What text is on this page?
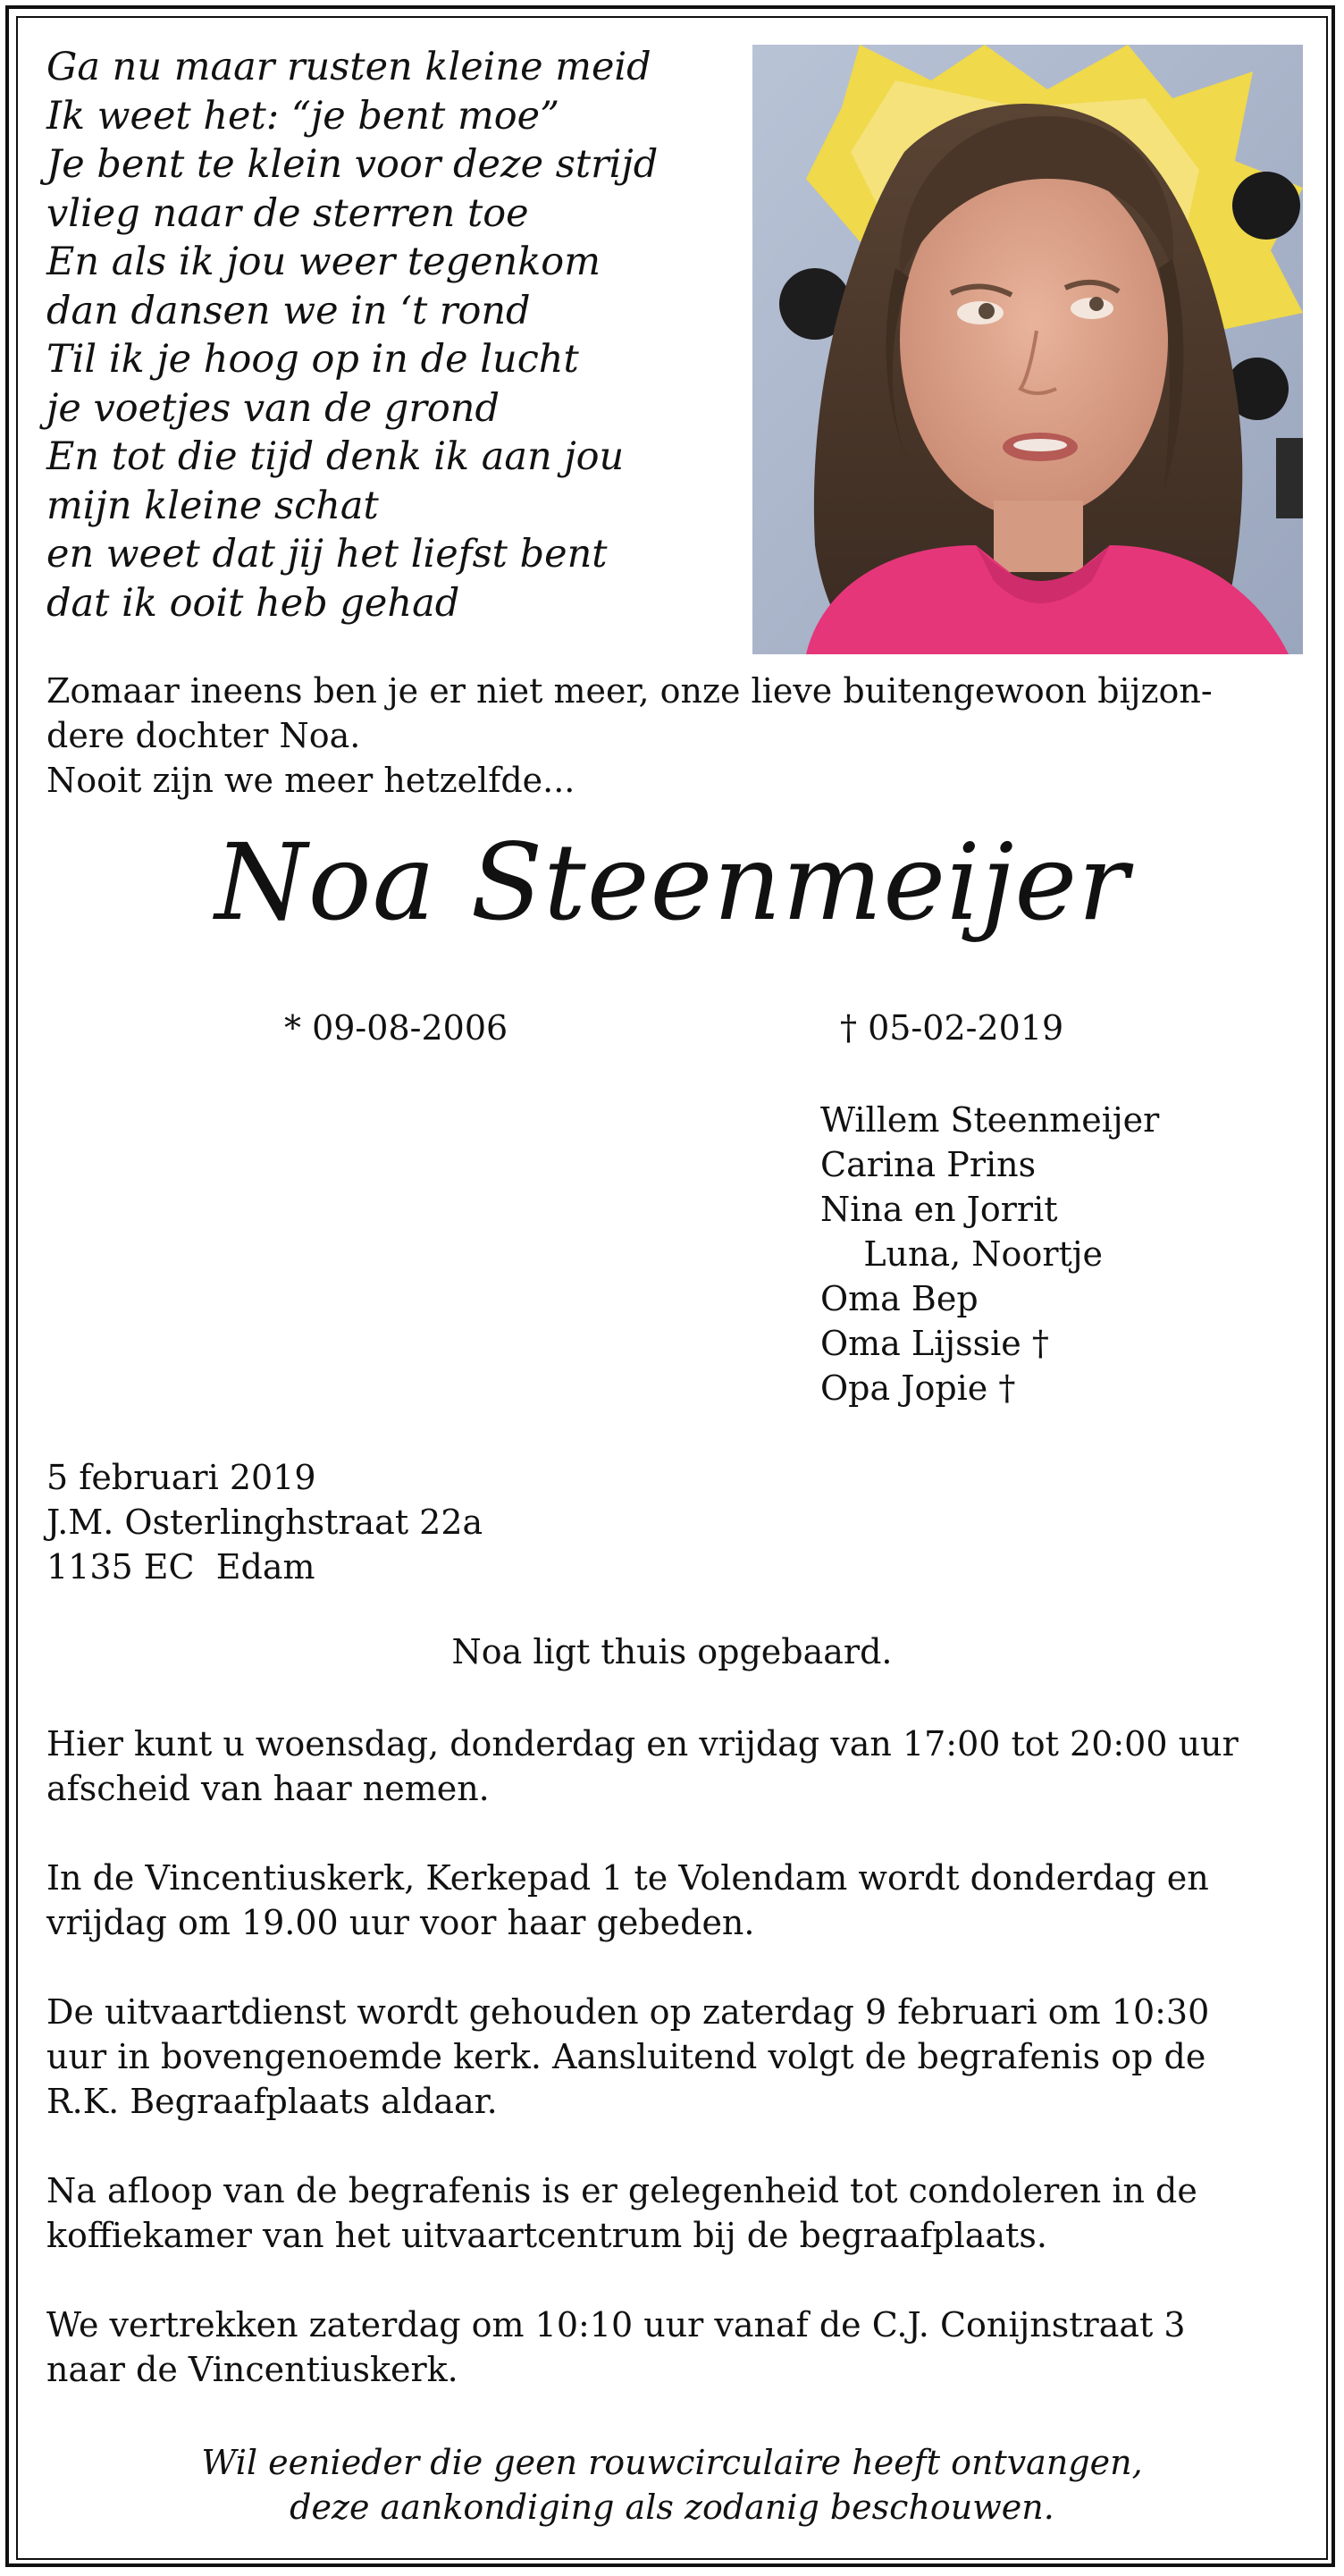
Ga nu maar rusten kleine meid
Ik weet het: “je bent moe”
Je bent te klein voor deze strijd
vlieg naar de sterren toe
En als ik jou weer tegenkom
dan dansen we in ‘t rond
Til ik je hoog op in de lucht
je voetjes van de grond
En tot die tijd denk ik aan jou
mijn kleine schat
en weet dat jij het liefst bent
dat ik ooit heb gehad
Zomaar ineens ben je er niet meer, onze lieve buitengewoon bijzon-
dere dochter Noa.
Nooit zijn we meer hetzelfde...
Noa Steenmeijer
* 09-08-2006	† 05-02-2019
Willem Steenmeijer
Carina Prins
Nina en Jorrit
Luna, Noortje
Oma Bep
Oma Lijssie †
Opa Jopie †
5 februari 2019
J.M. Osterlinghstraat 22a
1135 EC  Edam
Noa ligt thuis opgebaard.
Hier kunt u woensdag, donderdag en vrijdag van 17:00 tot 20:00 uur
afscheid van haar nemen.
In de Vincentiuskerk, Kerkepad 1 te Volendam wordt donderdag en
vrijdag om 19.00 uur voor haar gebeden.
De uitvaartdienst wordt gehouden op zaterdag 9 februari om 10:30
uur in bovengenoemde kerk. Aansluitend volgt de begrafenis op de
R.K. Begraafplaats aldaar.
Na afloop van de begrafenis is er gelegenheid tot condoleren in de
koffiekamer van het uitvaartcentrum bij de begraafplaats.
We vertrekken zaterdag om 10:10 uur vanaf de C.J. Conijnstraat 3
naar de Vincentiuskerk.
Wil eenieder die geen rouwcirculaire heeft ontvangen,
deze aankondiging als zodanig beschouwen.
